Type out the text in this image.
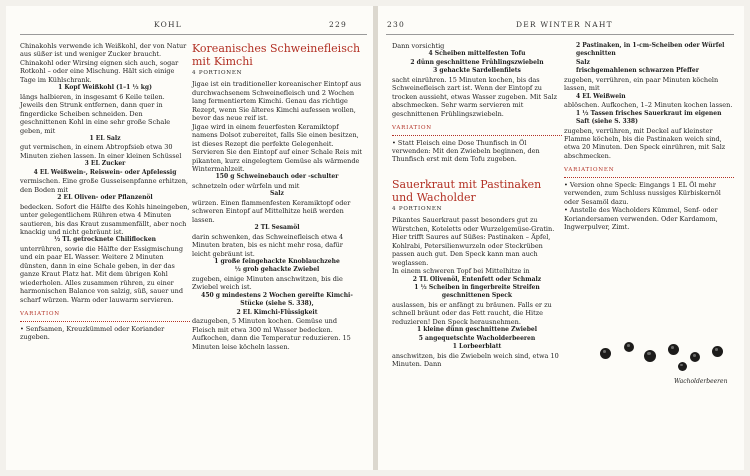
KOHL	229

Chinakohls verwende ich Weißkohl, der von Natur aus süßer ist und weniger Zucker braucht. Chinakohl oder Wirsing eignen sich auch, sogar Rotkohl – oder eine Mischung. Hält sich einige Tage im Kühlschrank.

1 Kopf Weißkohl (1–1 ½ kg)

längs halbieren, in insgesamt 6 Keile teilen. Jeweils den Strunk entfernen, dann quer in fingerdicke Scheiben schneiden. Den geschnittenen Kohl in eine sehr große Schale geben, mit

1 EL Salz

gut vermischen, in einem Abtropfsieb etwa 30 Minuten ziehen lassen. In einer kleinen Schüssel

3 EL Zucker

4 EL Weißwein-, Reiswein- oder Apfelessig

vermischen. Eine große Gusseisenpfanne erhitzen, den Boden mit

2 EL Oliven- oder Pflanzenöl

bedecken. Sofort die Hälfte des Kohls hineingeben, unter gelegentlichem Rühren etwa 4 Minuten sautieren, bis das Kraut zusammenfällt, aber noch knackig und nicht gebräunt ist.

½ TL getrocknete Chiliflocken

unterrühren, sowie die Hälfte der Essigmischung und ein paar EL Wasser. Weitere 2 Minuten dünsten, dann in eine Schale geben, in der das ganze Kraut Platz hat. Mit dem übrigen Kohl wiederholen. Alles zusammen rühren, zu einer harmonischen Balance von salzig, süß, sauer und scharf würzen. Warm oder lauwarm servieren.

VARIATION

• Senfsamen, Kreuzkümmel oder Koriander zugeben.

Koreanisches Schweinefleisch mit Kimchi
4 PORTIONEN

Jigae ist ein traditioneller koreanischer Eintopf aus durchwachsenem Schweinefleisch und 2 Wochen lang fermentiertem Kimchi. Genau das richtige Rezept, wenn Sie älteres Kimchi aufessen wollen, bevor das neue reif ist.

Jigae wird in einem feuerfesten Keramiktopf namens Dolsot zubereitet, falls Sie einen besitzen, ist dieses Rezept die perfekte Gelegenheit. Servieren Sie den Eintopf auf einer Schale Reis mit pikanten, kurz eingelegtem Gemüse als wärmende Wintermahlzeit.

150 g Schweinebauch oder -schulter

schnetzeln oder würfeln und mit

Salz

würzen. Einen flammenfesten Keramiktopf oder schweren Eintopf auf Mittelhitze heiß werden lassen.

2 TL Sesamöl

darin schwenken, das Schweinefleisch etwa 4 Minuten braten, bis es nicht mehr rosa, dafür leicht gebräunt ist.

1 große feingehackte Knoblauchzehe

½ grob gehackte Zwiebel

zugeben, einige Minuten anschwitzen, bis die Zwiebel weich ist.

450 g mindestens 2 Wochen gereifte Kimchi-Stücke (siehe S. 338),

2 EL Kimchi-Flüssigkeit

dazugeben, 5 Minuten kochen. Gemüse und Fleisch mit etwa 300 ml Wasser bedecken. Aufkochen, dann die Temperatur reduzieren. 15 Minuten leise köcheln lassen.

230	DER WINTER NAHT

Dann vorsichtig

4 Scheiben mittelfesten Tofu

2 dünn geschnittene Frühlingszwiebeln

3 gehackte Sardellenfilets

sacht einrühren. 15 Minuten kochen, bis das Schweinefleisch zart ist. Wenn der Eintopf zu trocken aussieht, etwas Wasser zugeben. Mit Salz abschmecken. Sehr warm servieren mit geschnittenen Frühlingszwiebeln.

VARIATION

• Statt Fleisch eine Dose Thunfisch in Öl verwenden: Mit den Zwiebeln beginnen, den Thunfisch erst mit dem Tofu zugeben.

Sauerkraut mit Pastinaken und Wacholder
4 PORTIONEN

Pikantes Sauerkraut passt besonders gut zu Würstchen, Koteletts oder Wurzelgemüse-Gratin. Hier trifft Saures auf Süßes: Pastinaken – Äpfel, Kohlrabi, Petersilienwurzeln oder Steckrüben passen auch gut. Den Speck kann man auch weglassen.

In einem schweren Topf bei Mittelhitze in

2 TL Olivenöl, Entenfett oder Schmalz

1 ½ Scheiben in fingerbreite Streifen geschnittenen Speck

auslassen, bis er anfängt zu bräunen. Falls er zu schnell bräunt oder das Fett raucht, die Hitze reduzieren! Den Speck herausnehmen.

1 kleine dünn geschnittene Zwiebel

5 angequetschte Wacholderbeeren

1 Lorbeerblatt

anschwitzen, bis die Zwiebeln weich sind, etwa 10 Minuten. Dann

2 Pastinaken, in 1-cm-Scheiben oder Würfel geschnitten

Salz

frischgemahlenen schwarzen Pfeffer

zugeben, verrühren, ein paar Minuten köcheln lassen, mit

4 EL Weißwein

ablöschen. Aufkochen, 1–2 Minuten kochen lassen.

1 ½ Tassen frisches Sauerkraut im eigenen Saft (siehe S. 338)

zugeben, verrühren, mit Deckel auf kleinster Flamme köcheln, bis die Pastinaken weich sind, etwa 20 Minuten. Den Speck einrühren, mit Salz abschmecken.

VARIATIONEN

• Version ohne Speck: Eingangs 1 EL Öl mehr verwenden, zum Schluss nussiges Kürbiskernöl oder Sesamöl dazu.

• Anstelle des Wacholders Kümmel, Senf- oder Koriandersamen verwenden. Oder Kardamom, Ingwerpulver, Zimt.

Wacholderbeeren
